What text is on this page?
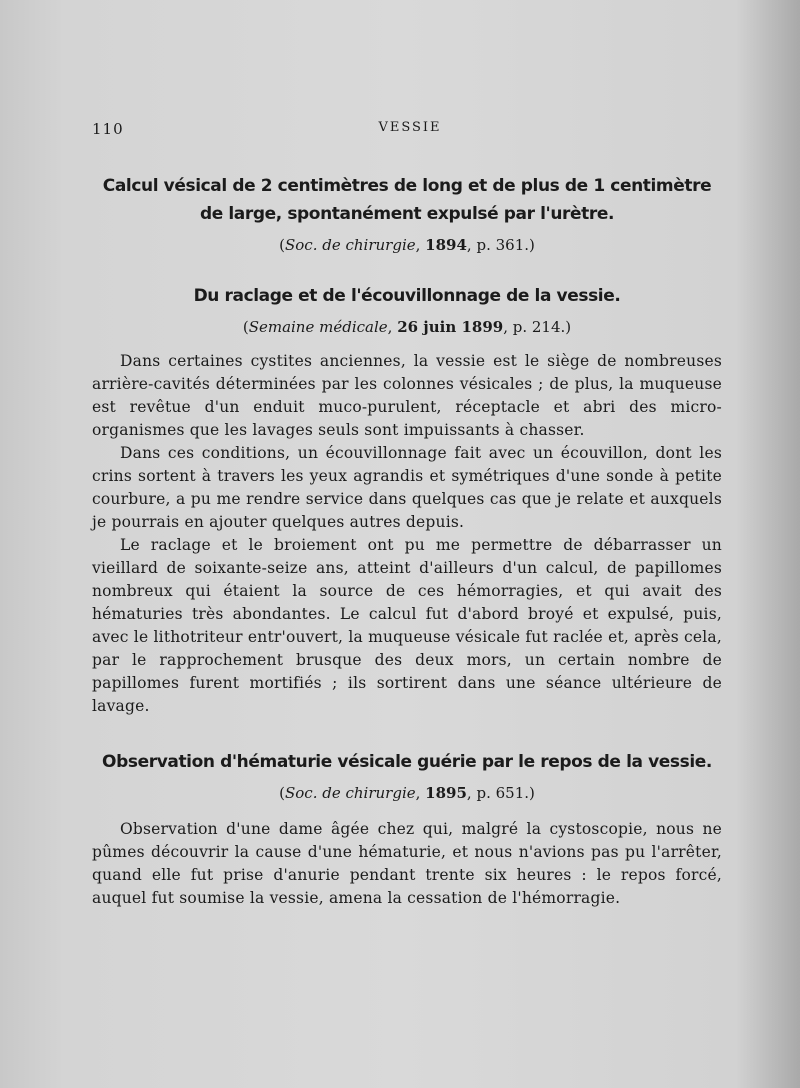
110	VESSIE
Calcul vésical de 2 centimètres de long et de plus de 1 centimètre de large, spontanément expulsé par l'urètre.

(Soc. de chirurgie, 1894, p. 361.)

Du raclage et de l'écouvillonnage de la vessie.

(Semaine médicale, 26 juin 1899, p. 214.)

Dans certaines cystites anciennes, la vessie est le siège de nombreuses arrière-cavités déterminées par les colonnes vésicales ; de plus, la muqueuse est revêtue d'un enduit muco-purulent, réceptacle et abri des micro-organismes que les lavages seuls sont impuissants à chasser.

Dans ces conditions, un écouvillonnage fait avec un écouvillon, dont les crins sortent à travers les yeux agrandis et symétriques d'une sonde à petite courbure, a pu me rendre service dans quelques cas que je relate et auxquels je pourrais en ajouter quelques autres depuis.

Le raclage et le broiement ont pu me permettre de débarrasser un vieillard de soixante-seize ans, atteint d'ailleurs d'un calcul, de papillomes nombreux qui étaient la source de ces hémorragies, et qui avait des hématuries très abondantes. Le calcul fut d'abord broyé et expulsé, puis, avec le lithotriteur entr'ouvert, la muqueuse vésicale fut raclée et, après cela, par le rapprochement brusque des deux mors, un certain nombre de papillomes furent mortifiés ; ils sortirent dans une séance ultérieure de lavage.

Observation d'hématurie vésicale guérie par le repos de la vessie.

(Soc. de chirurgie, 1895, p. 651.)

Observation d'une dame âgée chez qui, malgré la cystoscopie, nous ne pûmes découvrir la cause d'une hématurie, et nous n'avions pas pu l'arrêter, quand elle fut prise d'anurie pendant trente six heures : le repos forcé, auquel fut soumise la vessie, amena la cessation de l'hémorragie.
